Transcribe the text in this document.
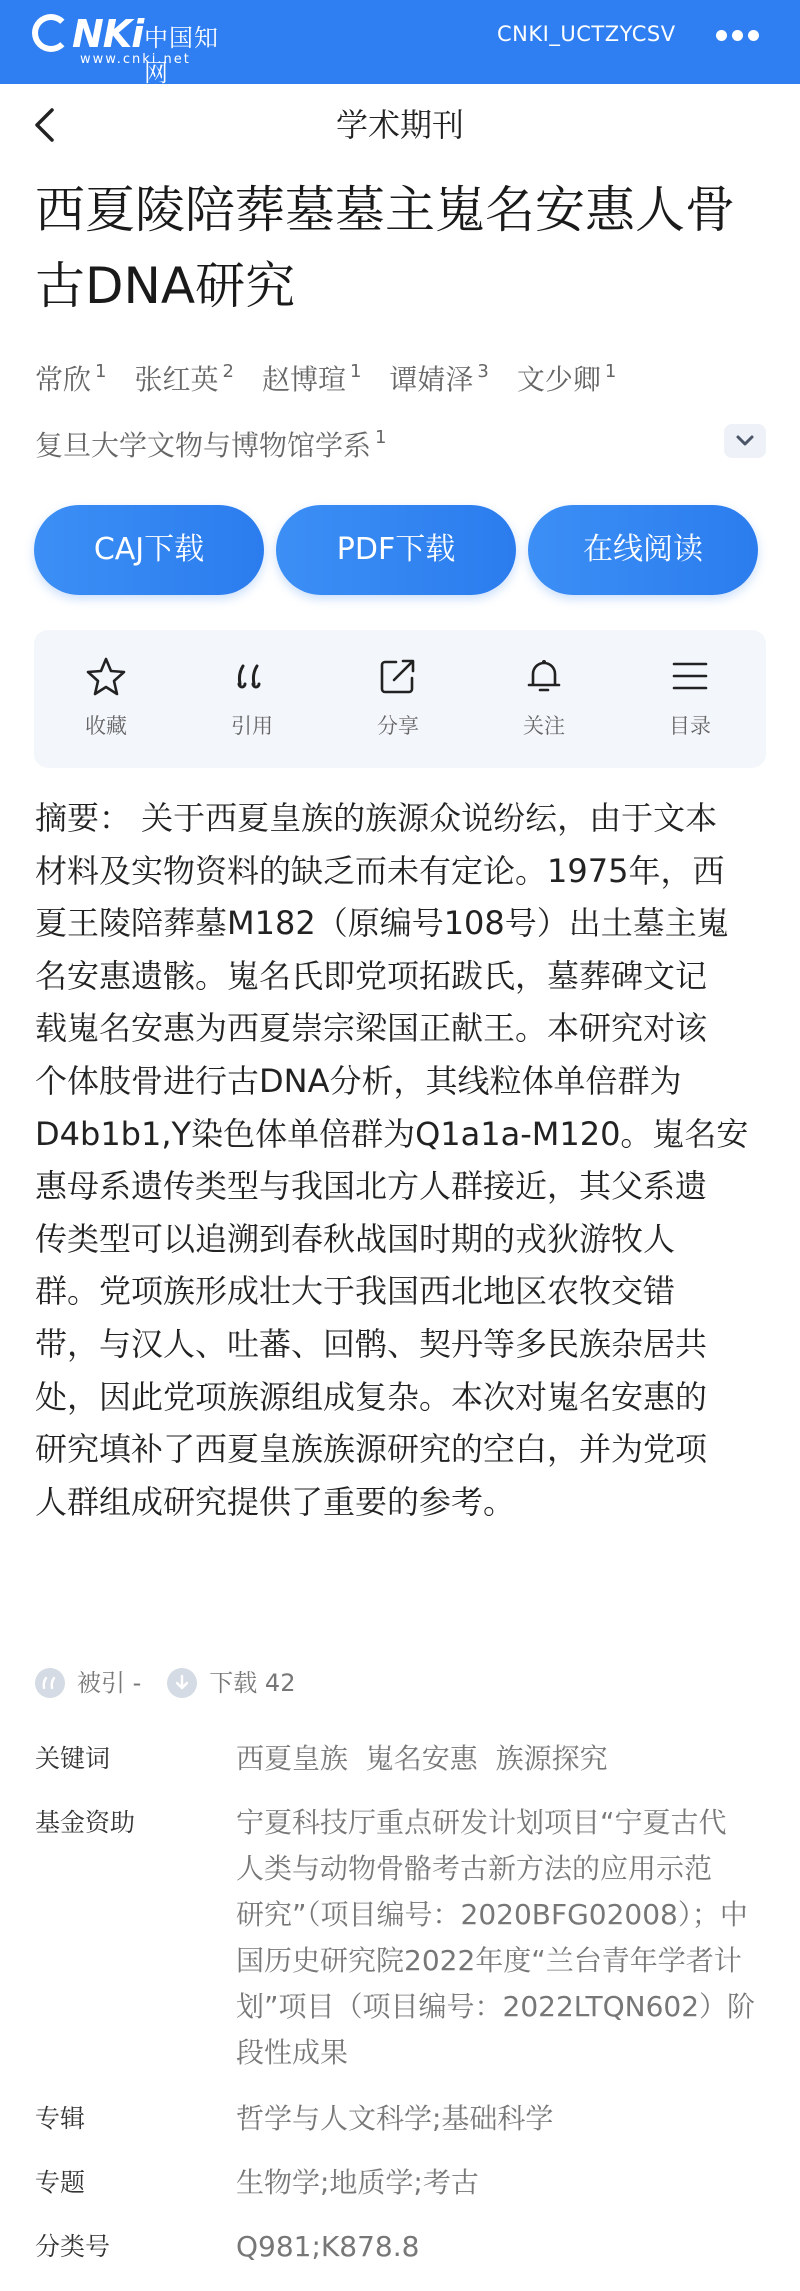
NKi 中国知网
www.cnki.net
CNKI_UCTZYCSV
学术期刊
西夏陵陪葬墓墓主嵬名安惠人骨古DNA研究
常欣 $^1$ 张红英 $^2$ 赵博瑄 $^1$ 谭婧泽 $^3$ 文少卿 $^1$
复旦大学文物与博物馆学系 $^1$
CAJ下载	PDF下载	在线阅读
收藏	引用	分享	关注	目录
摘要： 关于西夏皇族的族源众说纷纭，由于文本
材料及实物资料的缺乏而未有定论。1975年，西
夏王陵陪葬墓M182（原编号108号）出土墓主嵬
名安惠遗骸。嵬名氏即党项拓跋氏，墓葬碑文记
载嵬名安惠为西夏崇宗梁国正献王。本研究对该
个体肢骨进行古DNA分析，其线粒体单倍群为
D4b1b1,Y染色体单倍群为Q1a1a-M120。嵬名安
惠母系遗传类型与我国北方人群接近，其父系遗
传类型可以追溯到春秋战国时期的戎狄游牧人
群。党项族形成壮大于我国西北地区农牧交错
带，与汉人、吐蕃、回鹘、契丹等多民族杂居共
处，因此党项族源组成复杂。本次对嵬名安惠的
研究填补了西夏皇族族源研究的空白，并为党项
人群组成研究提供了重要的参考。
被引 -	下载 42
关键词	西夏皇族  嵬名安惠  族源探究
基金资助	宁夏科技厅重点研发计划项目“宁夏古代
人类与动物骨骼考古新方法的应用示范
研究”（项目编号：2020BFG02008）；中
国历史研究院2022年度“兰台青年学者计
划”项目（项目编号：2022LTQN602）阶
段性成果
专辑	哲学与人文科学;基础科学
专题	生物学;地质学;考古
分类号	Q981;K878.8
